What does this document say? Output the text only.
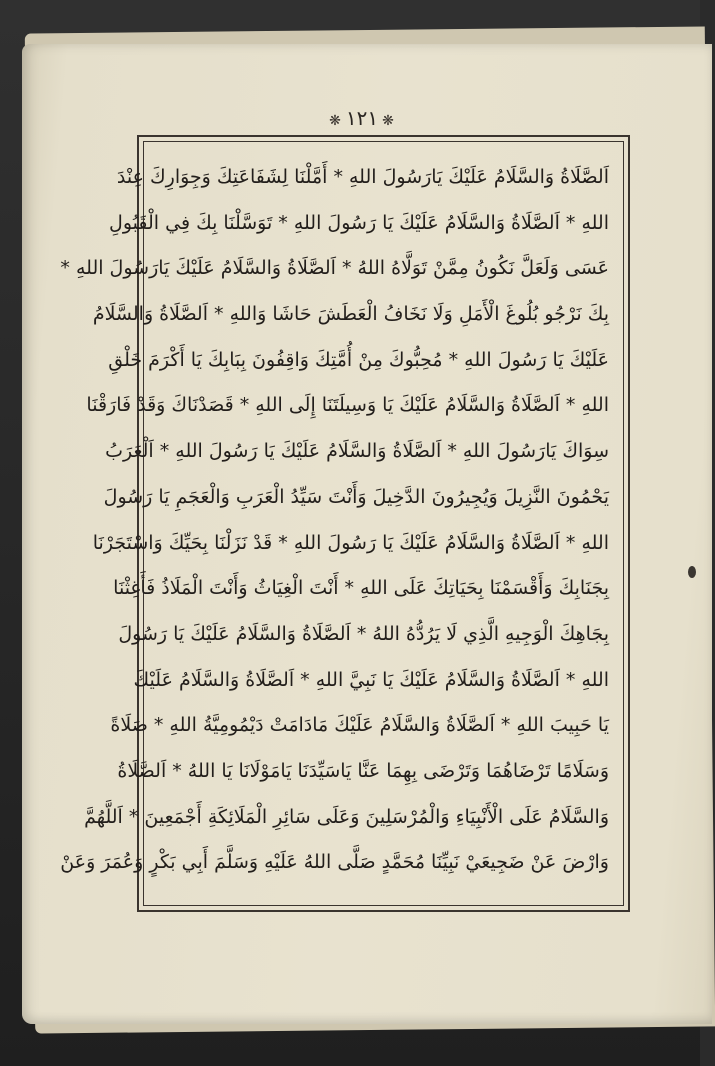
❋١٢١❋
اَلصَّلَاةُ وَالسَّلَامُ عَلَيْكَ يَارَسُولَ اللهِ * أَمَّلْنَا لِشَفَاعَتِكَ وَجِوَارِكَ عِنْدَ
اللهِ * اَلصَّلَاةُ وَالسَّلَامُ عَلَيْكَ يَا رَسُولَ اللهِ * تَوَسَّلْنَا بِكَ فِي الْقَبُولِ
عَسَى وَلَعَلَّ نَكُونُ مِمَّنْ تَوَلَّاهُ اللهُ * اَلصَّلَاةُ وَالسَّلَامُ عَلَيْكَ يَارَسُولَ اللهِ *
بِكَ نَرْجُو بُلُوغَ الْأَمَلِ وَلَا نَخَافُ الْعَطَشَ حَاشَا وَاللهِ * اَلصَّلَاةُ وَالسَّلَامُ
عَلَيْكَ يَا رَسُولَ اللهِ * مُحِبُّوكَ مِنْ أُمَّتِكَ وَاقِفُونَ بِبَابِكَ يَا أَكْرَمَ خَلْقِ
اللهِ * اَلصَّلَاةُ وَالسَّلَامُ عَلَيْكَ يَا وَسِيلَتَنَا إِلَى اللهِ * قَصَدْنَاكَ وَقَدْ فَارَقْنَا
سِوَاكَ يَارَسُولَ اللهِ * اَلصَّلَاةُ وَالسَّلَامُ عَلَيْكَ يَا رَسُولَ اللهِ * اَلْعَرَبُ
يَحْمُونَ النَّزِيلَ وَيُجِيرُونَ الدَّخِيلَ وَأَنْتَ سَيِّدُ الْعَرَبِ وَالْعَجَمِ يَا رَسُولَ
اللهِ * اَلصَّلَاةُ وَالسَّلَامُ عَلَيْكَ يَا رَسُولَ اللهِ * قَدْ نَزَلْنَا بِحَيِّكَ وَاسْتَجَرْنَا
بِجَنَابِكَ وَأَقْسَمْنَا بِحَيَاتِكَ عَلَى اللهِ * أَنْتَ الْغِيَاثُ وَأَنْتَ الْمَلَاذُ فَأَغِثْنَا
بِجَاهِكَ الْوَجِيهِ الَّذِي لَا يَرُدُّهُ اللهُ * اَلصَّلَاةُ وَالسَّلَامُ عَلَيْكَ يَا رَسُولَ
اللهِ * اَلصَّلَاةُ وَالسَّلَامُ عَلَيْكَ يَا نَبِيَّ اللهِ * اَلصَّلَاةُ وَالسَّلَامُ عَلَيْكَ
يَا حَبِيبَ اللهِ * اَلصَّلَاةُ وَالسَّلَامُ عَلَيْكَ مَادَامَتْ دَيْمُومِيَّةُ اللهِ * صَلَاةً
وَسَلَامًا تَرْضَاهُمَا وَتَرْضَى بِهِمَا عَنَّا يَاسَيِّدَنَا يَامَوْلَانَا يَا اللهُ * اَلصَّلَاةُ
وَالسَّلَامُ عَلَى الْأَنْبِيَاءِ وَالْمُرْسَلِينَ وَعَلَى سَائِرِ الْمَلَائِكَةِ أَجْمَعِينَ * اَللَّهُمَّ
وَارْضَ عَنْ ضَجِيعَيْ نَبِيِّنَا مُحَمَّدٍ صَلَّى اللهُ عَلَيْهِ وَسَلَّمَ أَبِي بَكْرٍ وَعُمَرَ وَعَنْ
